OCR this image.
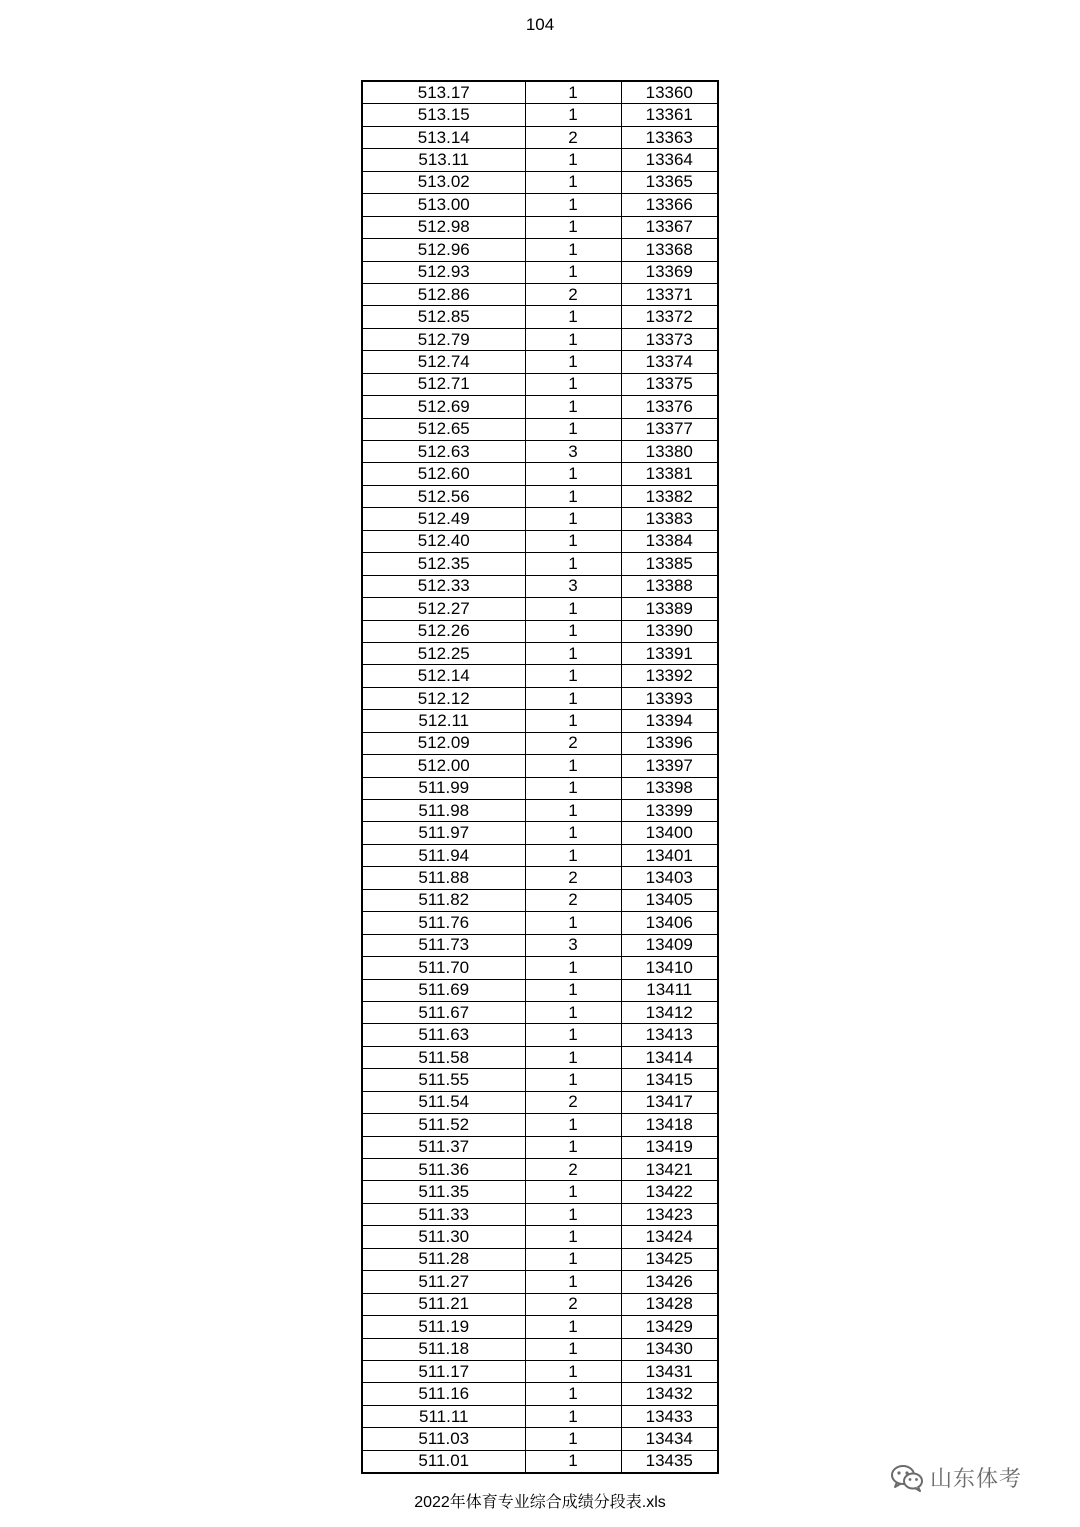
104
513.17	1	13360
513.15	1	13361
513.14	2	13363
513.11	1	13364
513.02	1	13365
513.00	1	13366
512.98	1	13367
512.96	1	13368
512.93	1	13369
512.86	2	13371
512.85	1	13372
512.79	1	13373
512.74	1	13374
512.71	1	13375
512.69	1	13376
512.65	1	13377
512.63	3	13380
512.60	1	13381
512.56	1	13382
512.49	1	13383
512.40	1	13384
512.35	1	13385
512.33	3	13388
512.27	1	13389
512.26	1	13390
512.25	1	13391
512.14	1	13392
512.12	1	13393
512.11	1	13394
512.09	2	13396
512.00	1	13397
511.99	1	13398
511.98	1	13399
511.97	1	13400
511.94	1	13401
511.88	2	13403
511.82	2	13405
511.76	1	13406
511.73	3	13409
511.70	1	13410
511.69	1	13411
511.67	1	13412
511.63	1	13413
511.58	1	13414
511.55	1	13415
511.54	2	13417
511.52	1	13418
511.37	1	13419
511.36	2	13421
511.35	1	13422
511.33	1	13423
511.30	1	13424
511.28	1	13425
511.27	1	13426
511.21	2	13428
511.19	1	13429
511.18	1	13430
511.17	1	13431
511.16	1	13432
511.11	1	13433
511.03	1	13434
511.01	1	13435
山东体考
2022年体育专业综合成绩分段表.xls
